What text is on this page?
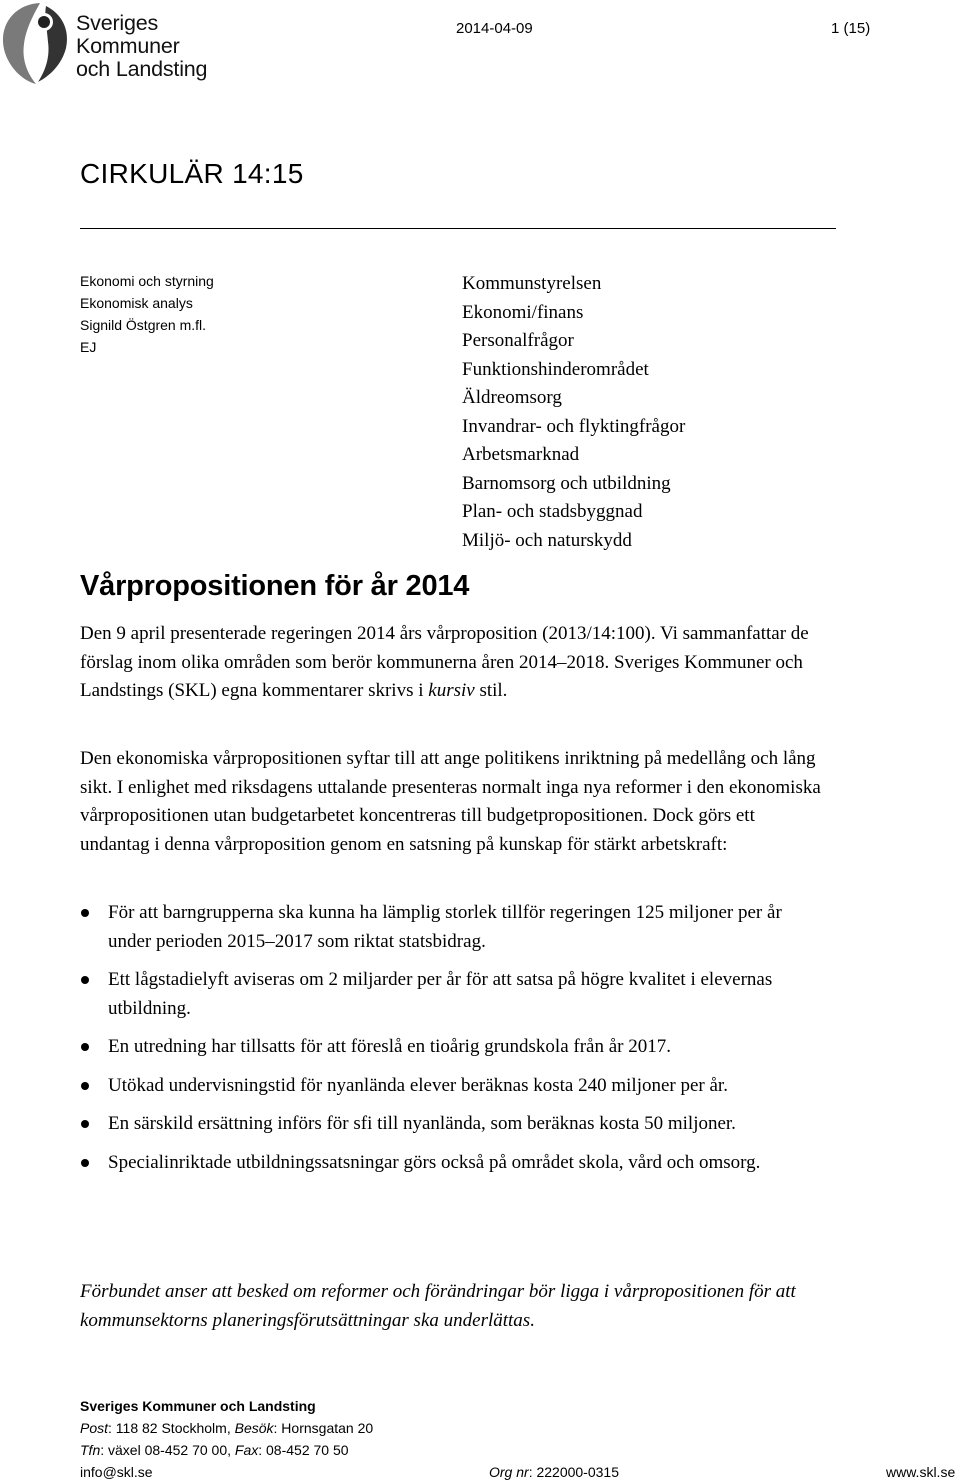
Sveriges
Kommuner
och Landsting
2014-04-09	1 (15)
CIRKULÄR 14:15
Ekonomi och styrning
Ekonomisk analys
Signild Östgren m.fl.
EJ
Kommunstyrelsen
Ekonomi/finans
Personalfrågor
Funktionshinderområdet
Äldreomsorg
Invandrar- och flyktingfrågor
Arbetsmarknad
Barnomsorg och utbildning
Plan- och stadsbyggnad
Miljö- och naturskydd
Vårpropositionen för år 2014
Den 9 april presenterade regeringen 2014 års vårproposition (2013/14:100). Vi sammanfattar de förslag inom olika områden som berör kommunerna åren 2014–2018. Sveriges Kommuner och Landstings (SKL) egna kommentarer skrivs i kursiv stil.
Den ekonomiska vårpropositionen syftar till att ange politikens inriktning på medellång och lång sikt. I enlighet med riksdagens uttalande presenteras normalt inga nya reformer i den ekonomiska vårpropositionen utan budgetarbetet koncentreras till budgetpropositionen. Dock görs ett undantag i denna vårproposition genom en satsning på kunskap för stärkt arbetskraft:
För att barngrupperna ska kunna ha lämplig storlek tillför regeringen 125 miljoner per år under perioden 2015–2017 som riktat statsbidrag.
Ett lågstadielyft aviseras om 2 miljarder per år för att satsa på högre kvalitet i elevernas utbildning.
En utredning har tillsatts för att föreslå en tioårig grundskola från år 2017.
Utökad undervisningstid för nyanlända elever beräknas kosta 240 miljoner per år.
En särskild ersättning införs för sfi till nyanlända, som beräknas kosta 50 miljoner.
Specialinriktade utbildningssatsningar görs också på området skola, vård och omsorg.
Förbundet anser att besked om reformer och förändringar bör ligga i vårpropositionen för att kommunsektorns planeringsförutsättningar ska underlättas.
Sveriges Kommuner och Landsting
Post: 118 82 Stockholm, Besök: Hornsgatan 20
Tfn: växel 08-452 70 00, Fax: 08-452 70 50
info@skl.se	Org nr: 222000-0315	www.skl.se
